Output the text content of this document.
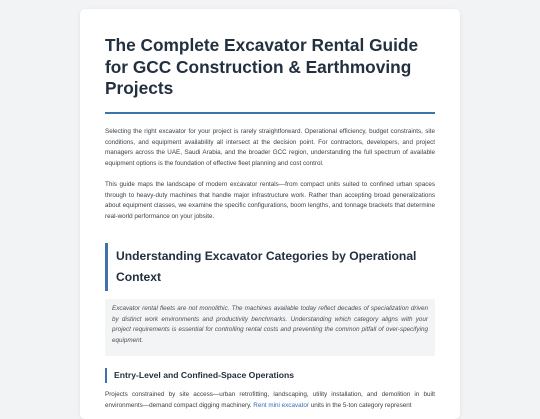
The Complete Excavator Rental Guide for GCC Construction & Earthmoving Projects

Selecting the right excavator for your project is rarely straightforward. Operational efficiency, budget constraints, site conditions, and equipment availability all intersect at the decision point. For contractors, developers, and project managers across the UAE, Saudi Arabia, and the broader GCC region, understanding the full spectrum of available equipment options is the foundation of effective fleet planning and cost control.

This guide maps the landscape of modern excavator rentals—from compact units suited to confined urban spaces through to heavy-duty machines that handle major infrastructure work. Rather than accepting broad generalizations about equipment classes, we examine the specific configurations, boom lengths, and tonnage brackets that determine real-world performance on your jobsite.

Understanding Excavator Categories by Operational Context

Excavator rental fleets are not monolithic. The machines available today reflect decades of specialization driven by distinct work environments and productivity benchmarks. Understanding which category aligns with your project requirements is essential for controlling rental costs and preventing the common pitfall of over-specifying equipment.

Entry-Level and Confined-Space Operations

Projects constrained by site access—urban retrofitting, landscaping, utility installation, and demolition in built environments—demand compact digging machinery. Rent mini excavator units in the 5-ton category represent
